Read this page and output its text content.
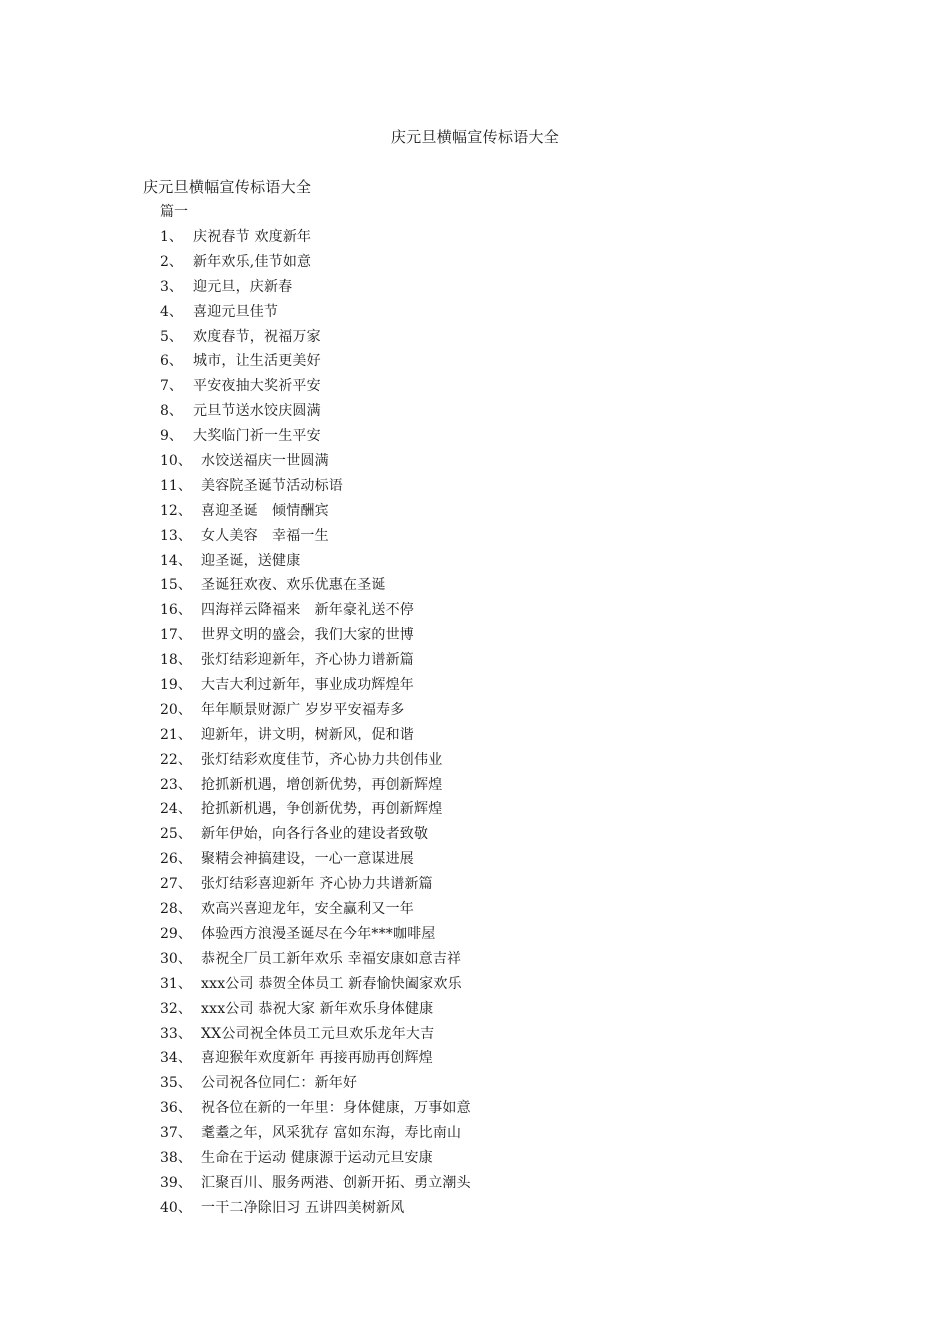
庆元旦横幅宣传标语大全
庆元旦横幅宣传标语大全
篇一
1、 庆祝春节 欢度新年
2、 新年欢乐,佳节如意
3、 迎元旦，庆新春
4、 喜迎元旦佳节
5、 欢度春节，祝福万家
6、 城市，让生活更美好
7、 平安夜抽大奖祈平安
8、 元旦节送水饺庆圆满
9、 大奖临门祈一生平安
10、 水饺送福庆一世圆满
11、 美容院圣诞节活动标语
12、 喜迎圣诞　倾情酬宾
13、 女人美容　幸福一生
14、 迎圣诞，送健康
15、 圣诞狂欢夜、欢乐优惠在圣诞
16、 四海祥云降福来　新年豪礼送不停
17、 世界文明的盛会，我们大家的世博
18、 张灯结彩迎新年，齐心协力谱新篇
19、 大吉大利过新年，事业成功辉煌年
20、 年年顺景财源广 岁岁平安福寿多
21、 迎新年，讲文明，树新风，促和谐
22、 张灯结彩欢度佳节，齐心协力共创伟业
23、 抢抓新机遇，增创新优势，再创新辉煌
24、 抢抓新机遇，争创新优势，再创新辉煌
25、 新年伊始，向各行各业的建设者致敬
26、 聚精会神搞建设，一心一意谋进展
27、 张灯结彩喜迎新年 齐心协力共谱新篇
28、 欢高兴喜迎龙年，安全赢利又一年
29、 体验西方浪漫圣诞尽在今年***咖啡屋
30、 恭祝全厂员工新年欢乐 幸福安康如意吉祥
31、 xxx公司 恭贺全体员工 新春愉快阖家欢乐
32、 xxx公司 恭祝大家 新年欢乐身体健康
33、 XX公司祝全体员工元旦欢乐龙年大吉
34、 喜迎猴年欢度新年 再接再励再创辉煌
35、 公司祝各位同仁：新年好
36、 祝各位在新的一年里：身体健康，万事如意
37、 耄耋之年，风采犹存 富如东海，寿比南山
38、 生命在于运动 健康源于运动元旦安康
39、 汇聚百川、服务两港、创新开拓、勇立潮头
40、 一干二净除旧习 五讲四美树新风
